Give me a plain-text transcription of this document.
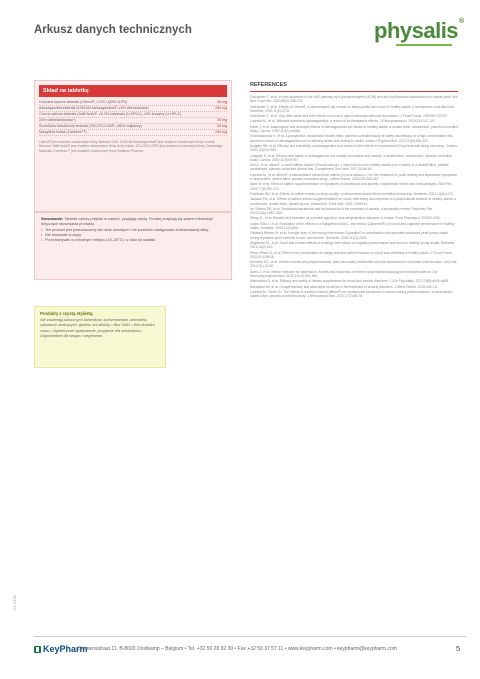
Arkusz danych technicznych	physalis®
Skład na tabletkę
Humulus lupulus ekstrakt (Lifenol®, 0,3% LQ/5% 8-PN)	45 mg
Ashwagandha ekstrakt (KSM-66 Ashwagandha®, ≥5% withanolidów)	150 mg
Crocus sativus ekstrakt (Saffr'Activ®, ≥0,3% safranalu (U-HPLC), ≥3% krocyny (U-HPLC)
≥3% safranalu/kwasu*)	30 mg
Scutellaria baicalensis ekstrakt (SCUTELLON®, ≥85% bajkaliny)	50 mg
Mangifera indica (Careless™)	100 mg
Lifenol® jest znakiem towarowym firmy Naturex SAS. KSM-66 Ashwagandha® jest znakiem towarowym firmy Ixoreal Biomed. Saffr'Activ® jest znakiem towarowym firmy Activ'Inside. SCUTELLON® jest znakiem towarowym firmy Cambridge Naturals. Careless™ jest znakiem towarowym firmy Nektium Pharma.
Stosowanie: Tabletki należy połykać w całości, popijając wodą. Poniżej znajdują się ważne informacje dotyczące stosowania produktu.
• Ten produkt jest przeznaczony dla osób dorosłych i nie powinien zastępować zróżnicowanej diety.
• Nie stosować w ciąży.
• Przechowywać w chłodnym miejscu (15–25°C) i z dala od światła.
Produkty z czystą etykietą:
Nie zawierają sztucznych barwników, konserwantów, aromatów, substancji słodzących, glutenu ani laktozy • Bez GMO • Bez dodatku cukru • Ograniczone opakowanie, przyjazne dla środowiska • Odpowiednie dla wegan i wegetarian.
REFERENCES
Gerhäuser C, et al. In vitro activation of the Nrf2 pathway by 8-prenylnaringenin (8-PN) and the hop flavonoid xanthohumol in human cells. Mol Nutr Food Res. 2015;59(2):268-276.
Gerhäuser C, et al. Effects of Lifenol®, a standardised hop extract on sleep quality and mood of healthy adults: a randomized controlled trial. Nutrients. 2019;11(5):1078.
Gerhäuser C, et al. Hop bitter acids and their effects on mood in aged individuals with mild depression. J Funct Foods. 2020;65:103747.
Lopresti AL, et al. Withania somnifera (ashwagandha): a review of its therapeutic effects. J Ethnopharmacol. 2019;233:112-121.
Salve J, et al. Adaptogenic and anxiolytic effects of ashwagandha root extract in healthy adults: a double-blind, randomized, placebo-controlled study. Cureus. 2019;11(12):e6466.
Chandrasekhar K, et al. A prospective, randomized double-blind, placebo-controlled study of safety and efficacy of a high-concentration full-spectrum extract of ashwagandha root in reducing stress and anxiety in adults. Indian J Psychol Med. 2012;34(3):255-262.
Kelgane SB, et al. Efficacy and tolerability of ashwagandha root extract in the elderly for improvement of general well-being and sleep. Cureus. 2020;12(2):e7083.
Langade D, et al. Efficacy and safety of ashwagandha root extract in insomnia and anxiety: a double-blind, randomized, placebo-controlled study. Cureus. 2019;11(9):e5797.
Kell G, et al. affron®, a novel saffron extract (Crocus sativus L.) improves mood in healthy adults over 4 weeks in a double-blind, parallel, randomized, placebo-controlled clinical trial. Complement Ther Med. 2017;33:58-64.
Lopresti AL, et al. Affron®, a standardised extract from saffron (Crocus sativus L.) for the treatment of youth anxiety and depressive symptoms: a randomised, double-blind, placebo-controlled study. J Affect Disord. 2018;232:349-357.
Marx W, et al. Effect of saffron supplementation on symptoms of depression and anxiety: a systematic review and meta-analysis. Nutr Rev. 2019;77(8):557-571.
Pachikian BD, et al. Effects of saffron extract on sleep quality: a randomized double-blind controlled clinical trial. Nutrients. 2021;13(5):1473.
Jackson PA, et al. Effects of saffron extract supplementation on mood, well-being and response to a psychosocial stressor in healthy adults: a randomized, double-blind, parallel group, clinical trial. Front Nutr. 2021;7:606124.
de Oliveira DR, et al. Scutellaria baicalensis and its flavonoids in the treatment of anxiety: a systematic review. Phytother Res. 2019;33(6):1553-1567.
Wang ZL, et al. Baicalin and baicalein as potential agents in neurodegenerative diseases: a review. Front Pharmacol. 2018;9:1294.
López-Ríos L, et al. Evaluation of the effects of a Mangifera indica L. leaf extract (Zynamite®) on mood and cognitive performance in healthy adults. Nutrients. 2020;12(3):805.
Gelabert-Rebato M, et al. A single dose of the mango leaf extract Zynamite® in combination with quercetin enhances peak power output during repeated sprint exercise in men and women. Nutrients. 2019;11(11):2592.
Wightman EL, et al. Acute and chronic effects of a mango leaf extract on cognitive performance and mood in healthy young adults. Nutrients. 2021;13(2):412.
Pérez-Piñero S, et al. Effect of the combination of mango leaf and saffron extracts on mood and wellbeing in healthy adults. J Funct Foods. 2022;91:105016.
Kennedy DO, et al. Herbal extracts and phytochemicals: plant secondary metabolites and the enhancement of human brain function. Adv Nutr. 2011;2(1):32-50.
Sarris J, et al. Herbal medicine for depression, anxiety and insomnia: a review of psychopharmacology and clinical evidence. Eur Neuropsychopharmacol. 2011;21(12):841-860.
Mischoulon D, et al. Efficacy and safety of dietary supplements for mood and anxiety disorders. J Clin Psychiatry. 2017;78(5):e546-e555.
Ravindran AV, et al. Complementary and alternative medicine in the treatment of anxiety disorders. J Affect Disord. 2016;204:1-8.
Lopresti AL, Smith SJ. The effects of a saffron extract (affron®) on menopausal symptoms in women during perimenopause: a randomised, double-blind, placebo-controlled study. J Menopausal Med. 2021;27(2):66-78.
PL-0722
KeyPharm
Siemensstraat 11, B-8020 Oostkamp – Belgium • Tel. +32 50 28 92 30 • Fax +32 50 37 57 11 • www.keypharm.com • keypharm@keypharm.com	5
